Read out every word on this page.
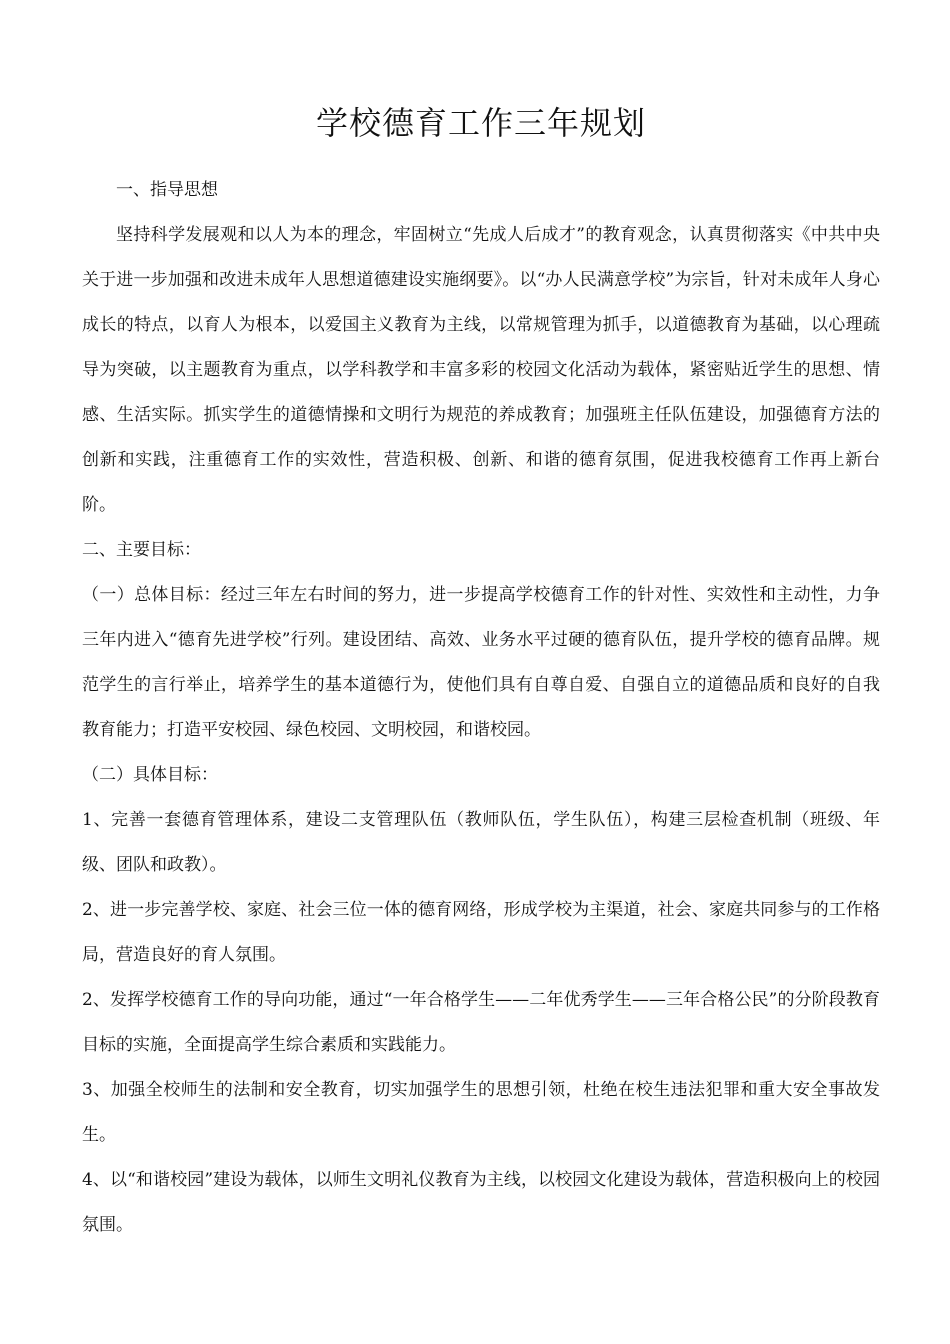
学校德育工作三年规划

一、指导思想

坚持科学发展观和以人为本的理念，牢固树立“先成人后成才”的教育观念，认真贯彻落实《中共中央关于进一步加强和改进未成年人思想道德建设实施纲要》。以“办人民满意学校”为宗旨，针对未成年人身心成长的特点，以育人为根本，以爱国主义教育为主线，以常规管理为抓手，以道德教育为基础，以心理疏导为突破，以主题教育为重点，以学科教学和丰富多彩的校园文化活动为载体，紧密贴近学生的思想、情感、生活实际。抓实学生的道德情操和文明行为规范的养成教育；加强班主任队伍建设，加强德育方法的创新和实践，注重德育工作的实效性，营造积极、创新、和谐的德育氛围，促进我校德育工作再上新台阶。

二、主要目标：

（一）总体目标：经过三年左右时间的努力，进一步提高学校德育工作的针对性、实效性和主动性，力争三年内进入“德育先进学校”行列。建设团结、高效、业务水平过硬的德育队伍，提升学校的德育品牌。规范学生的言行举止，培养学生的基本道德行为，使他们具有自尊自爱、自强自立的道德品质和良好的自我教育能力；打造平安校园、绿色校园、文明校园，和谐校园。

（二）具体目标：

1、完善一套德育管理体系，建设二支管理队伍（教师队伍，学生队伍），构建三层检查机制（班级、年级、团队和政教）。

2、进一步完善学校、家庭、社会三位一体的德育网络，形成学校为主渠道，社会、家庭共同参与的工作格局，营造良好的育人氛围。

2、发挥学校德育工作的导向功能，通过“一年合格学生——二年优秀学生——三年合格公民”的分阶段教育目标的实施，全面提高学生综合素质和实践能力。

3、加强全校师生的法制和安全教育，切实加强学生的思想引领，杜绝在校生违法犯罪和重大安全事故发生。

4、以“和谐校园”建设为载体，以师生文明礼仪教育为主线，以校园文化建设为载体，营造积极向上的校园氛围。
